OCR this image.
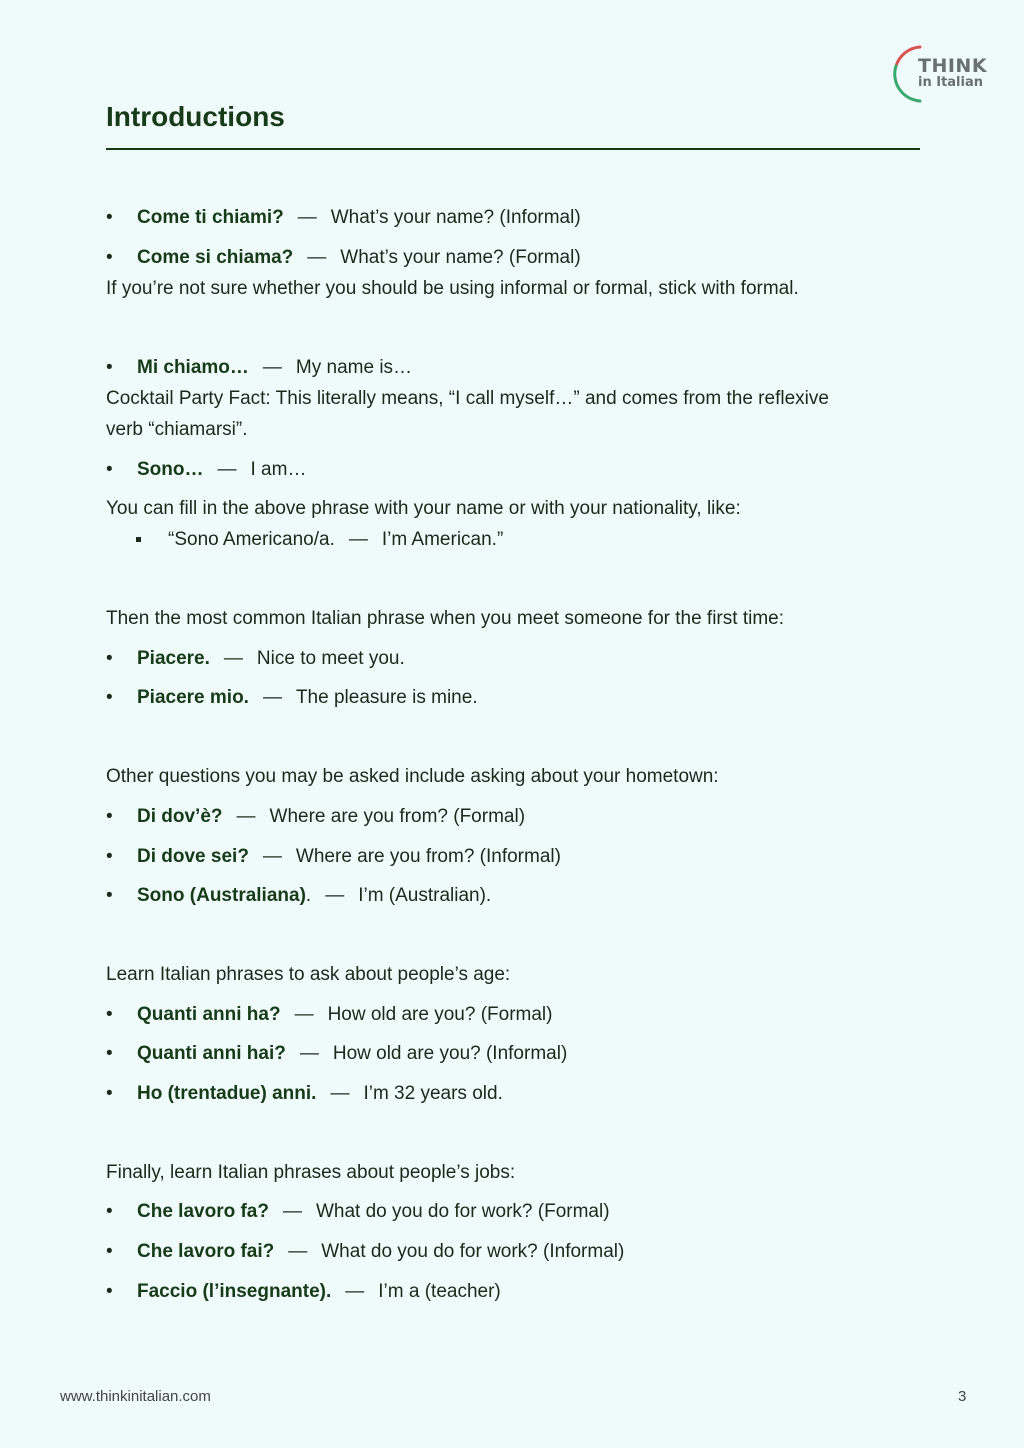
THINK
in Italian
Introductions
• Come ti chiami? — What’s your name? (Informal)
• Come si chiama? — What’s your name? (Formal)
If you’re not sure whether you should be using informal or formal, stick with formal.
• Mi chiamo… — My name is…
Cocktail Party Fact: This literally means, “I call myself…” and comes from the reflexive
verb “chiamarsi”.
• Sono… — I am…
You can fill in the above phrase with your name or with your nationality, like:
“Sono Americano/a. — I’m American.”
Then the most common Italian phrase when you meet someone for the first time:
• Piacere. — Nice to meet you.
• Piacere mio. — The pleasure is mine.
Other questions you may be asked include asking about your hometown:
• Di dov’è? — Where are you from? (Formal)
• Di dove sei? — Where are you from? (Informal)
• Sono (Australiana). — I’m (Australian).
Learn Italian phrases to ask about people’s age:
• Quanti anni ha? — How old are you? (Formal)
• Quanti anni hai? — How old are you? (Informal)
• Ho (trentadue) anni. — I’m 32 years old.
Finally, learn Italian phrases about people’s jobs:
• Che lavoro fa? — What do you do for work? (Formal)
• Che lavoro fai? — What do you do for work? (Informal)
• Faccio (l’insegnante). — I’m a (teacher)
www.thinkinitalian.com	3
